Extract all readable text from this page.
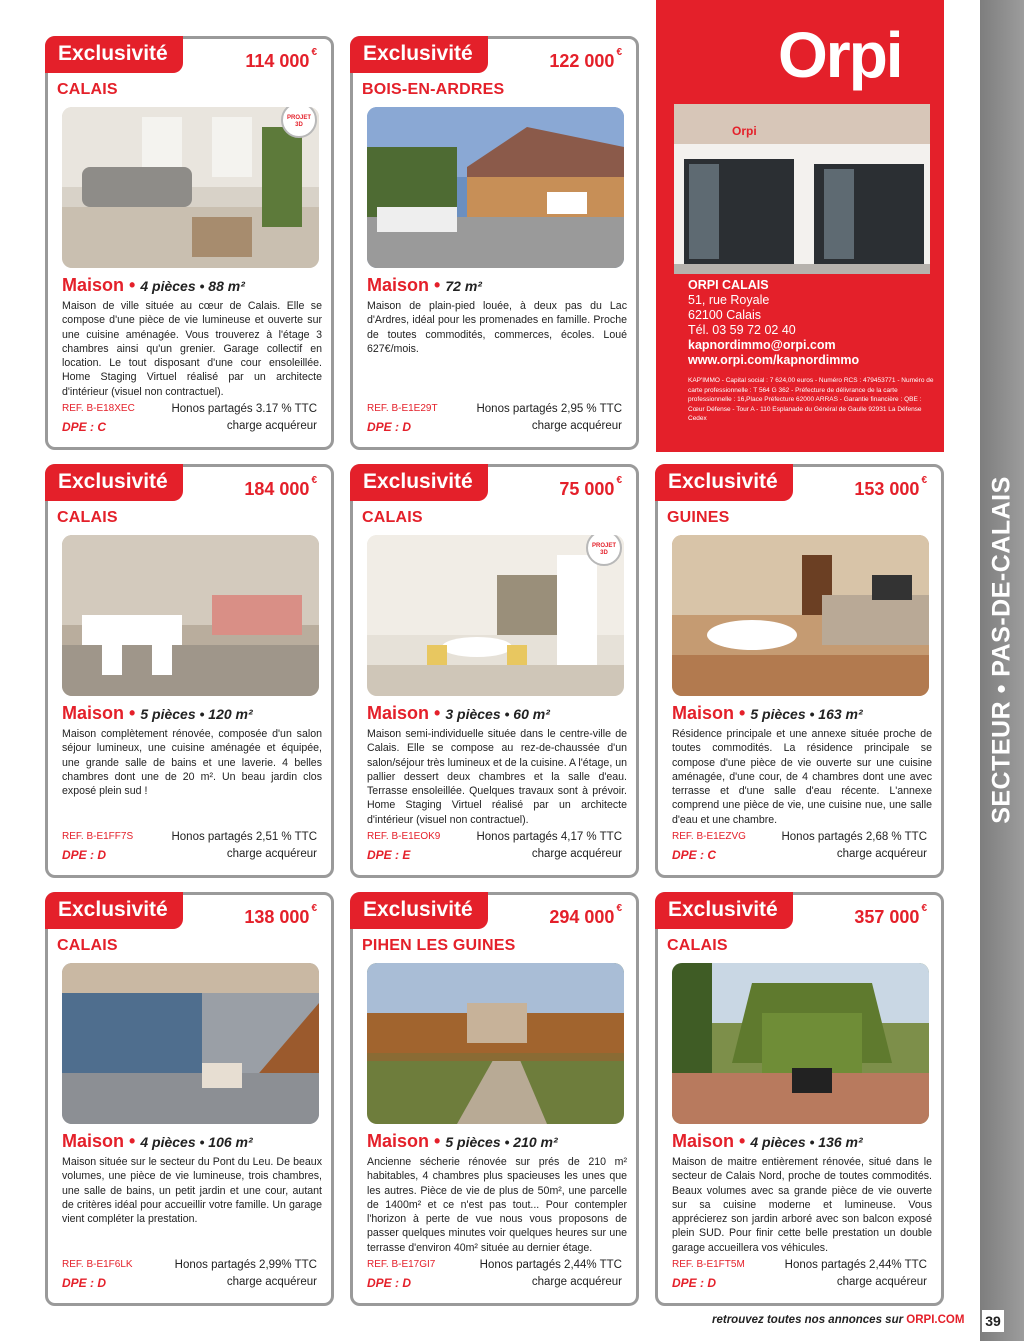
Exclusivité	114 000 €
CALAIS
PROJET 3D
Maison • 4 pièces • 88 m²
Maison de ville située au cœur de Calais. Elle se compose d'une pièce de vie lumineuse et ouverte sur une cuisine aménagée. Vous trouverez à l'étage 3 chambres ainsi qu'un grenier. Garage collectif en location. Le tout disposant d'une cour ensoleillée. Home Staging Virtuel réalisé par un architecte d'intérieur (visuel non contractuel).
REF. B-E18XEC	Honos partagés 3.17 % TTC
DPE : C	charge acquéreur
Exclusivité	122 000 €
BOIS-EN-ARDRES
Maison • 72 m²
Maison de plain-pied louée, à deux pas du Lac d'Ardres, idéal pour les promenades en famille. Proche de toutes commodités, commerces, écoles. Loué 627€/mois.
REF. B-E1E29T	Honos partagés 2,95 % TTC
DPE : D	charge acquéreur
Orpi
Orpi
ORPI CALAIS
51, rue Royale
62100 Calais
Tél. 03 59 72 02 40
kapnordimmo@orpi.com
www.orpi.com/kapnordimmo
KAP'IMMO - Capital social : 7 624,00 euros - Numéro RCS : 479453771 - Numéro de carte professionnelle : T 564 G 362 - Préfecture de délivrance de la carte professionnelle : 16,Place Préfecture 62000 ARRAS - Garantie financière : QBE : Cœur Défense - Tour A - 110 Esplanade du Général de Gaulle 92931 La Défense Cedex
Exclusivité	184 000 €
CALAIS
Maison • 5 pièces • 120 m²
Maison complètement rénovée, composée d'un salon séjour lumineux, une cuisine aménagée et équipée, une grande salle de bains et une laverie. 4 belles chambres dont une de 20 m². Un beau jardin clos exposé plein sud !
REF. B-E1FF7S	Honos partagés 2,51 % TTC
DPE : D	charge acquéreur
Exclusivité	75 000 €
CALAIS
PROJET 3D
Maison • 3 pièces • 60 m²
Maison semi-individuelle située dans le centre-ville de Calais. Elle se compose au rez-de-chaussée d'un salon/séjour très lumineux et de la cuisine. A l'étage, un pallier dessert deux chambres et la salle d'eau. Terrasse ensoleillée. Quelques travaux sont à prévoir. Home Staging Virtuel réalisé par un architecte d'intérieur (visuel non contractuel).
REF. B-E1EOK9	Honos partagés 4,17 % TTC
DPE : E	charge acquéreur
Exclusivité	153 000 €
GUINES
Maison • 5 pièces • 163 m²
Résidence principale et une annexe située proche de toutes commodités. La résidence principale se compose d'une pièce de vie ouverte sur une cuisine aménagée, d'une cour, de 4 chambres dont une avec terrasse et d'une salle d'eau récente. L'annexe comprend une pièce de vie, une cuisine nue, une salle d'eau et une chambre.
REF. B-E1EZVG	Honos partagés 2,68 % TTC
DPE : C	charge acquéreur
Exclusivité	138 000 €
CALAIS
Maison • 4 pièces • 106 m²
Maison située sur le secteur du Pont du Leu. De beaux volumes, une pièce de vie lumineuse, trois chambres, une salle de bains, un petit jardin et une cour, autant de critères idéal pour accueillir votre famille. Un garage vient compléter la prestation.
REF. B-E1F6LK	Honos partagés 2,99% TTC
DPE : D	charge acquéreur
Exclusivité	294 000 €
PIHEN LES GUINES
Maison • 5 pièces • 210 m²
Ancienne sécherie rénovée sur prés de 210 m² habitables, 4 chambres plus spacieuses les unes que les autres. Pièce de vie de plus de 50m², une parcelle de 1400m² et ce n'est pas tout... Pour contempler l'horizon à perte de vue nous vous proposons de passer quelques minutes voir quelques heures sur une terrasse d'environ 40m² située au dernier étage.
REF. B-E17GI7	Honos partagés 2,44% TTC
DPE : D	charge acquéreur
Exclusivité	357 000 €
CALAIS
Maison • 4 pièces • 136 m²
Maison de maitre entièrement rénovée, situé dans le secteur de Calais Nord, proche de toutes commodités. Beaux volumes avec sa grande pièce de vie ouverte sur sa cuisine moderne et lumineuse. Vous apprécierez son jardin arboré avec son balcon exposé plein SUD. Pour finir cette belle prestation un double garage accueillera vos véhicules.
REF. B-E1FT5M	Honos partagés 2,44% TTC
DPE : D	charge acquéreur
SECTEUR • PAS-DE-CALAIS
retrouvez toutes nos annonces sur ORPI.COM 39
